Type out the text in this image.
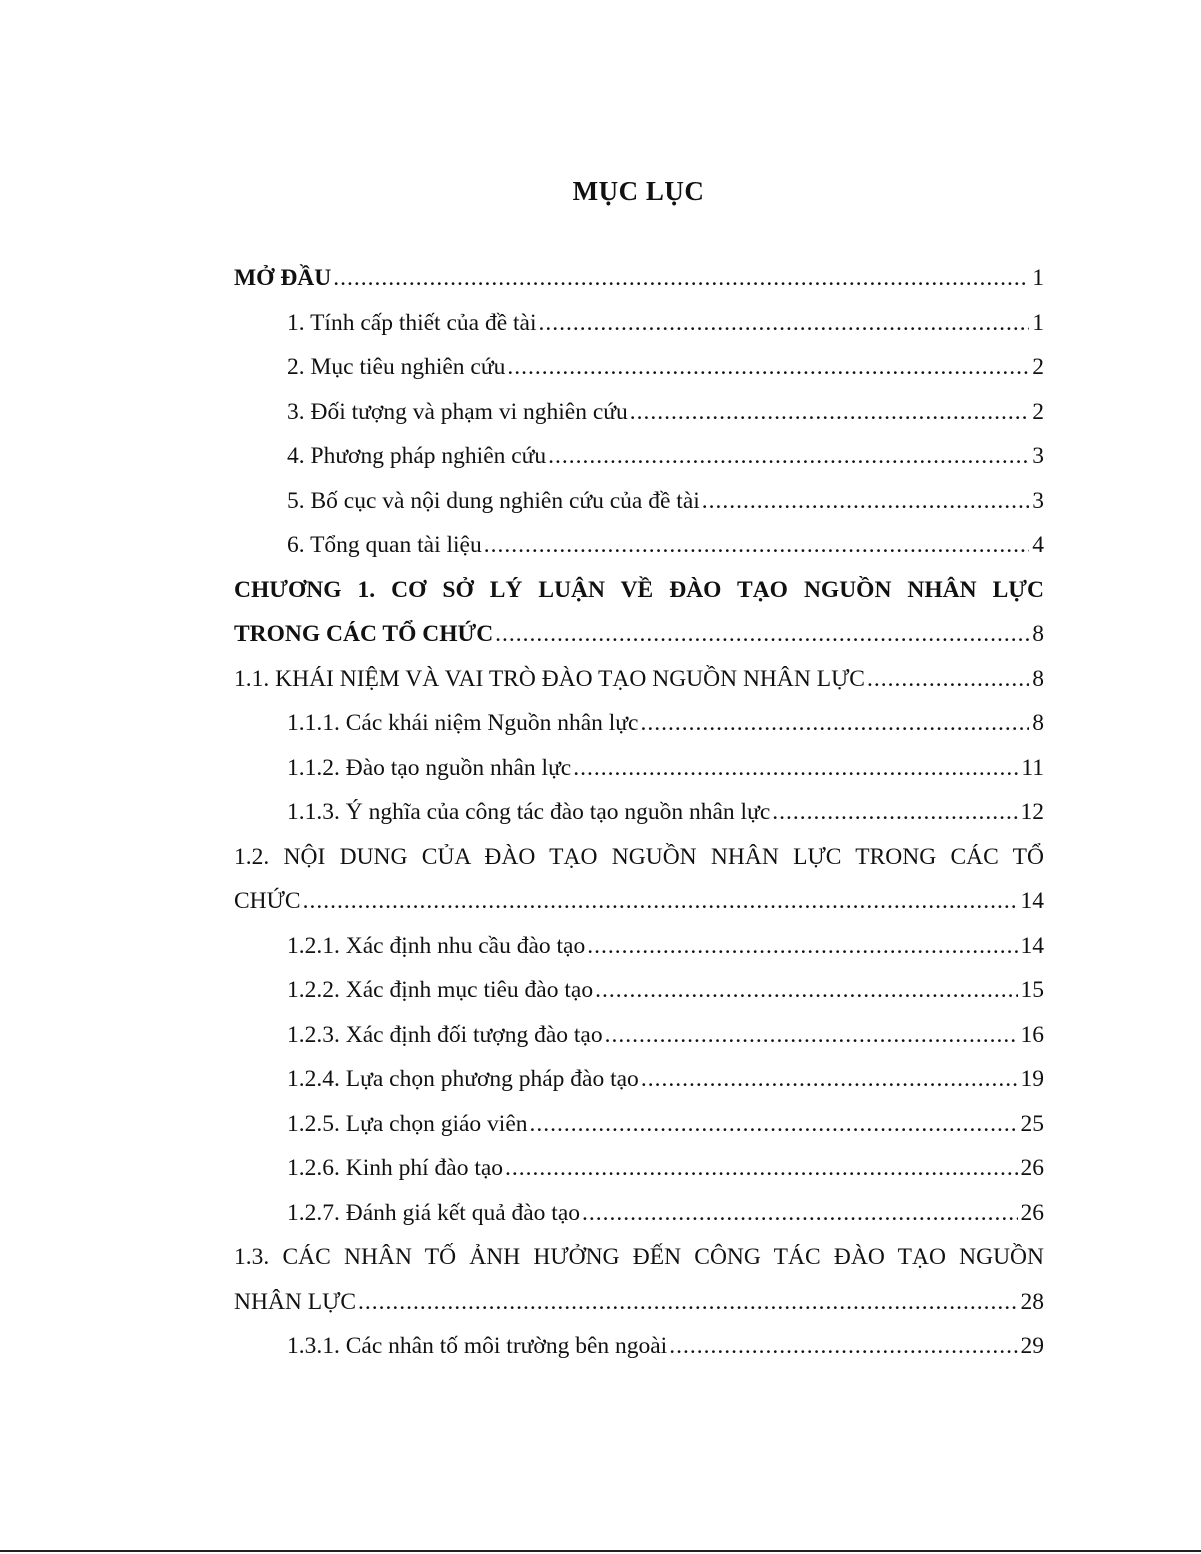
MỤC LỤC
MỞ ĐẦU .....	1
1. Tính cấp thiết của đề tài .....	1
2. Mục tiêu nghiên cứu .....	2
3. Đối tượng và phạm vi nghiên cứu .....	2
4. Phương pháp nghiên cứu .....	3
5. Bố cục và nội dung nghiên cứu của đề tài .....	3
6. Tổng quan tài liệu .....	4
CHƯƠNG 1. CƠ SỞ LÝ LUẬN VỀ ĐÀO TẠO NGUỒN NHÂN LỰC
TRONG CÁC TỔ CHỨC .....	8
1.1. KHÁI NIỆM VÀ VAI TRÒ ĐÀO TẠO NGUỒN NHÂN LỰC .....	8
1.1.1. Các khái niệm Nguồn nhân lực .....	8
1.1.2. Đào tạo nguồn nhân lực .....	11
1.1.3. Ý nghĩa của công tác đào tạo nguồn nhân lực .....	12
1.2. NỘI DUNG CỦA ĐÀO TẠO NGUỒN NHÂN LỰC TRONG CÁC TỔ
CHỨC .....	14
1.2.1. Xác định nhu cầu đào tạo .....	14
1.2.2. Xác định mục tiêu đào tạo .....	15
1.2.3. Xác định đối tượng đào tạo .....	16
1.2.4. Lựa chọn phương pháp đào tạo .....	19
1.2.5. Lựa chọn giáo viên .....	25
1.2.6. Kinh phí đào tạo .....	26
1.2.7. Đánh giá kết quả đào tạo .....	26
1.3. CÁC NHÂN TỐ ẢNH HƯỞNG ĐẾN CÔNG TÁC ĐÀO TẠO NGUỒN
NHÂN LỰC .....	28
1.3.1. Các nhân tố môi trường bên ngoài .....	29
